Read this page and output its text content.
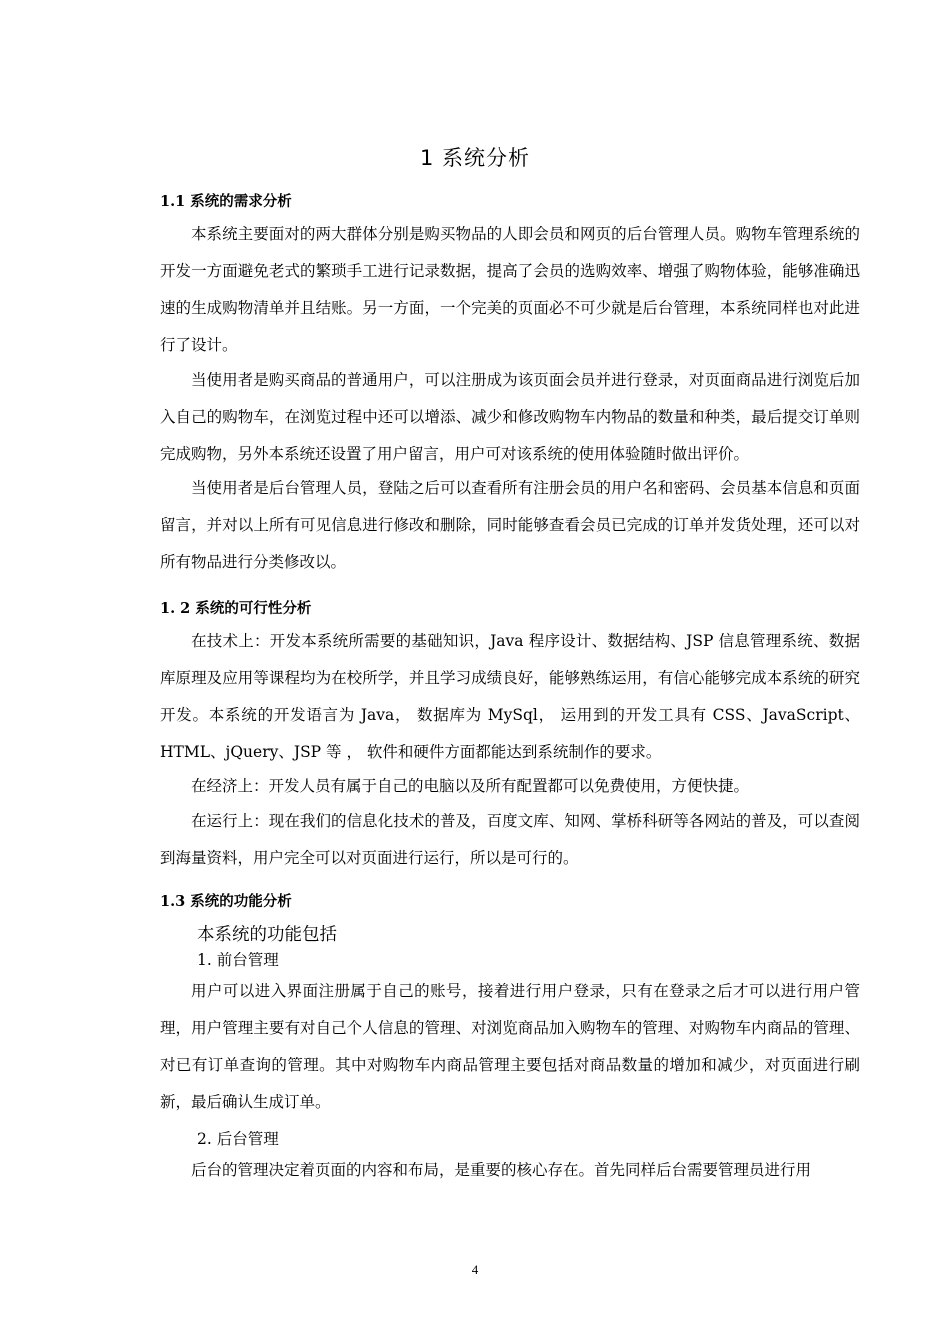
1 系统分析
1.1 系统的需求分析
本系统主要面对的两大群体分别是购买物品的人即会员和网页的后台管理人员。购物车管理系统的开发一方面避免老式的繁琐手工进行记录数据，提高了会员的选购效率、增强了购物体验，能够准确迅速的生成购物清单并且结账。另一方面，一个完美的页面必不可少就是后台管理，本系统同样也对此进行了设计。
当使用者是购买商品的普通用户，可以注册成为该页面会员并进行登录，对页面商品进行浏览后加入自己的购物车，在浏览过程中还可以增添、减少和修改购物车内物品的数量和种类，最后提交订单则完成购物，另外本系统还设置了用户留言，用户可对该系统的使用体验随时做出评价。
当使用者是后台管理人员，登陆之后可以查看所有注册会员的用户名和密码、会员基本信息和页面留言，并对以上所有可见信息进行修改和删除，同时能够查看会员已完成的订单并发货处理，还可以对所有物品进行分类修改以。
1. 2 系统的可行性分析
在技术上：开发本系统所需要的基础知识，Java 程序设计、数据结构、JSP 信息管理系统、数据库原理及应用等课程均为在校所学，并且学习成绩良好，能够熟练运用，有信心能够完成本系统的研究开发。本系统的开发语言为 Java， 数据库为 MySql， 运用到的开发工具有 CSS、JavaScript、HTML、jQuery、JSP 等 ， 软件和硬件方面都能达到系统制作的要求。
在经济上：开发人员有属于自己的电脑以及所有配置都可以免费使用，方便快捷。
在运行上：现在我们的信息化技术的普及，百度文库、知网、掌桥科研等各网站的普及，可以查阅到海量资料，用户完全可以对页面进行运行，所以是可行的。
1.3 系统的功能分析
本系统的功能包括
1. 前台管理
用户可以进入界面注册属于自己的账号，接着进行用户登录，只有在登录之后才可以进行用户管理，用户管理主要有对自己个人信息的管理、对浏览商品加入购物车的管理、对购物车内商品的管理、对已有订单查询的管理。其中对购物车内商品管理主要包括对商品数量的增加和减少，对页面进行刷新，最后确认生成订单。
2. 后台管理
后台的管理决定着页面的内容和布局，是重要的核心存在。首先同样后台需要管理员进行用
4
